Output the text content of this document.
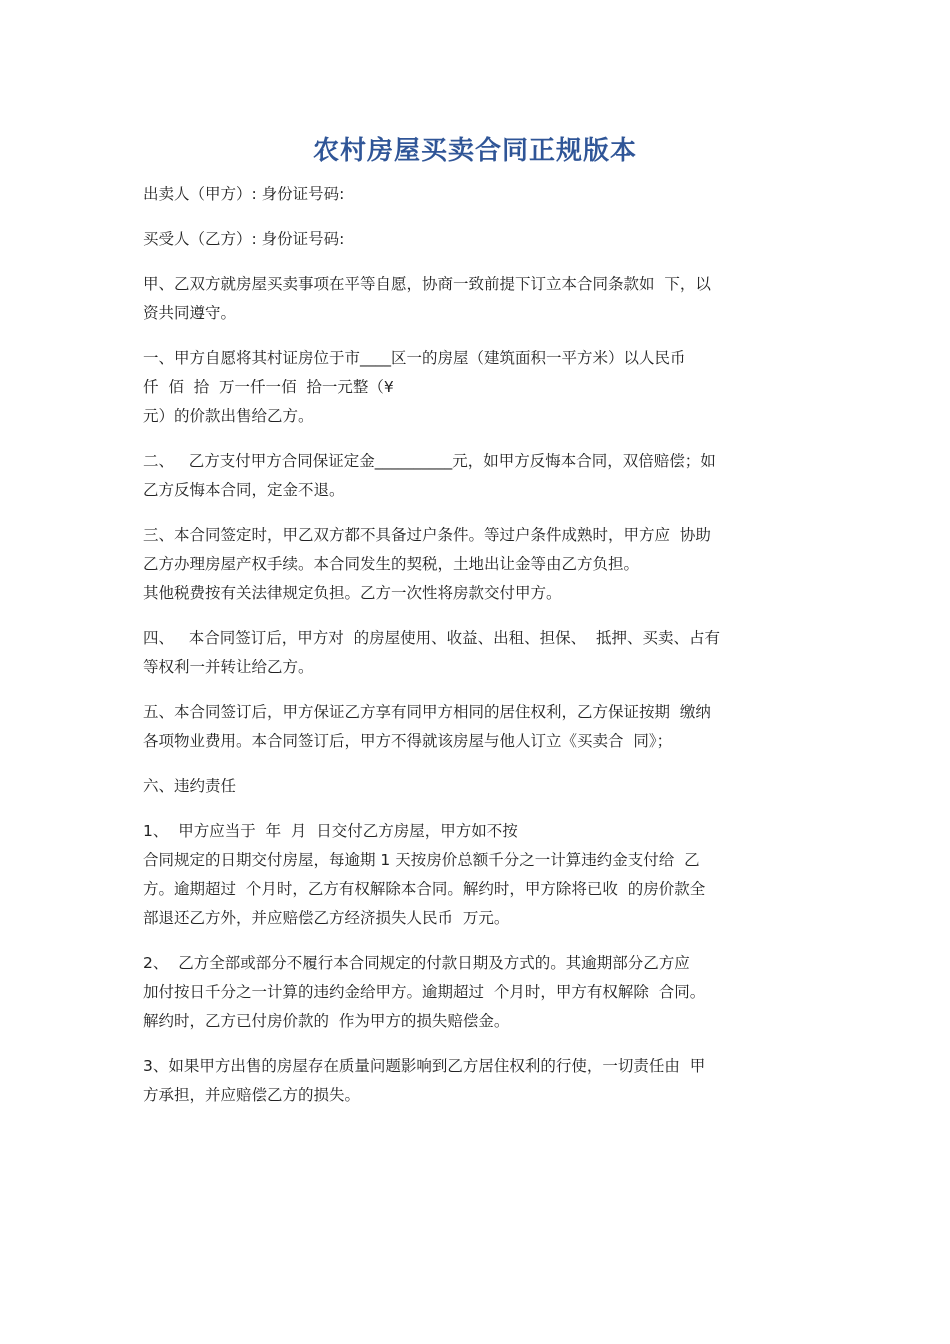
农村房屋买卖合同正规版本

出卖人（甲方）: 身份证号码:

买受人（乙方）: 身份证号码:

甲、乙双方就房屋买卖事项在平等自愿，协商一致前提下订立本合同条款如  下，以
资共同遵守。

一、甲方自愿将其村证房位于市____区一的房屋（建筑面积一平方米）以人民币
仟  佰  拾  万一仟一佰  拾一元整（¥
元）的价款出售给乙方。

二、   乙方支付甲方合同保证定金__________元，如甲方反悔本合同，双倍赔偿；如
乙方反悔本合同，定金不退。

三、本合同签定时，甲乙双方都不具备过户条件。等过户条件成熟时，甲方应  协助
乙方办理房屋产权手续。本合同发生的契税，土地出让金等由乙方负担。
其他税费按有关法律规定负担。乙方一次性将房款交付甲方。

四、   本合同签订后，甲方对  的房屋使用、收益、出租、担保、  抵押、买卖、占有
等权利一并转让给乙方。

五、本合同签订后，甲方保证乙方享有同甲方相同的居住权利，乙方保证按期  缴纳
各项物业费用。本合同签订后，甲方不得就该房屋与他人订立《买卖合  同》；

六、违约责任

1、  甲方应当于  年  月  日交付乙方房屋，甲方如不按
合同规定的日期交付房屋，每逾期 1 天按房价总额千分之一计算违约金支付给  乙
方。逾期超过  个月时，乙方有权解除本合同。解约时，甲方除将已收  的房价款全
部退还乙方外，并应赔偿乙方经济损失人民币  万元。

2、  乙方全部或部分不履行本合同规定的付款日期及方式的。其逾期部分乙方应
加付按日千分之一计算的违约金给甲方。逾期超过  个月时，甲方有权解除  合同。
解约时，乙方已付房价款的  作为甲方的损失赔偿金。

3、如果甲方出售的房屋存在质量问题影响到乙方居住权利的行使，一切责任由  甲
方承担，并应赔偿乙方的损失。
